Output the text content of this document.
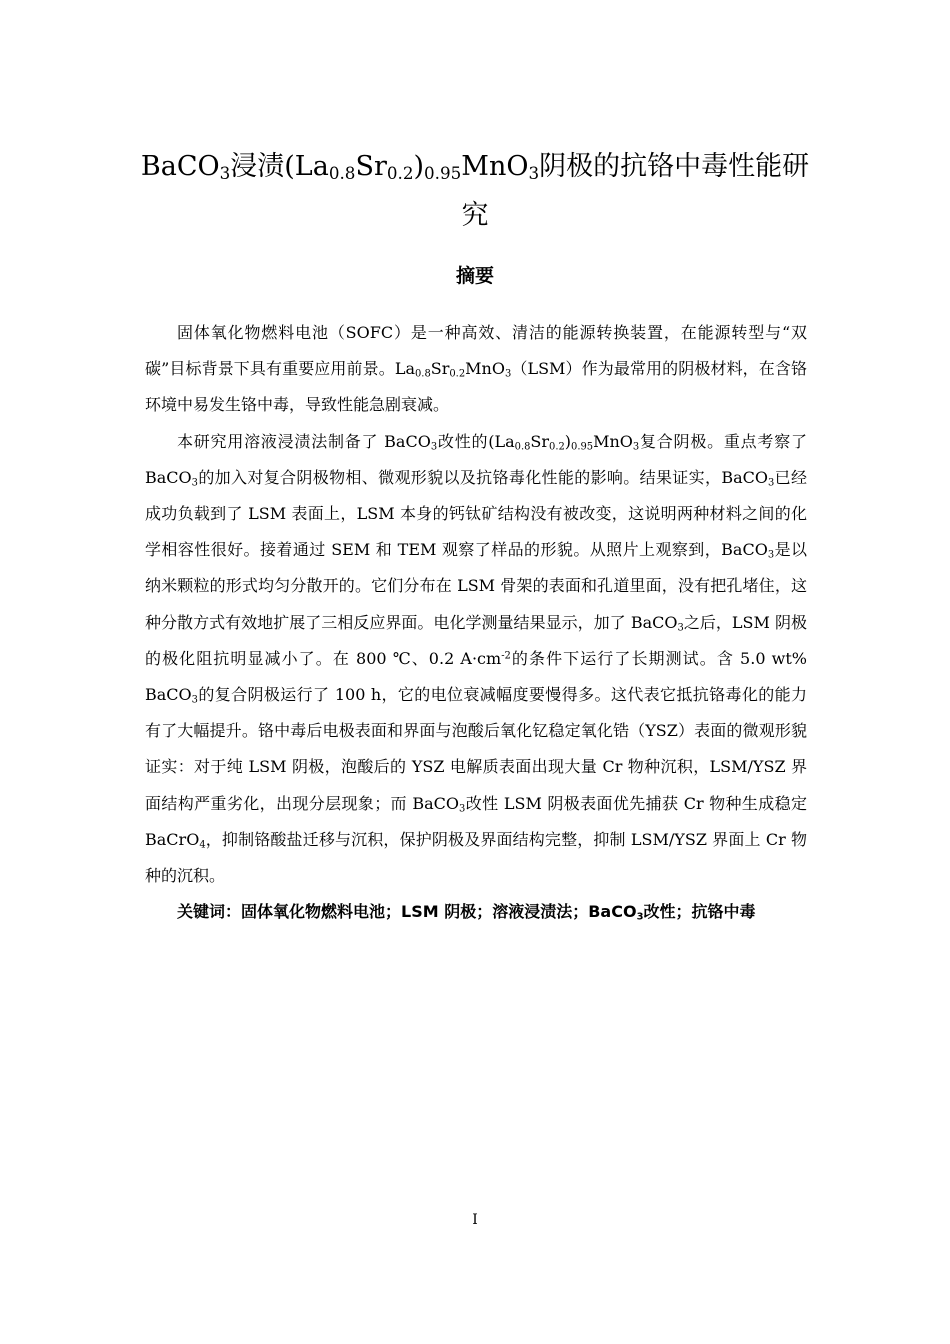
BaCO$_3$浸渍$(La_{0.8}Sr_{0.2})_{0.95}MnO_3$阴极的抗铬中毒性能研究
摘要

固体氧化物燃料电池（SOFC）是一种高效、清洁的能源转换装置，在能源转型与“双碳”目标背景下具有重要应用前景。$La_{0.8}Sr_{0.2}MnO_3(LSM)$作为最常用的阴极材料，在含铬环境中易发生铬中毒，导致性能急剧衰减。

本研究用溶液浸渍法制备了 BaCO$_3$改性的$(La_{0.8}Sr_{0.2})_{0.95}MnO_3$复合阴极。重点考察了 BaCO$_3$的加入对复合阴极物相、微观形貌以及抗铬毒化性能的影响。结果证实，BaCO$_3$已经成功负载到了 LSM 表面上，LSM 本身的钙钛矿结构没有被改变，这说明两种材料之间的化学相容性很好。接着通过 SEM 和 TEM 观察了样品的形貌。从照片上观察到，BaCO$_3$是以纳米颗粒的形式均匀分散开的。它们分布在 LSM 骨架的表面和孔道里面，没有把孔堵住，这种分散方式有效地扩展了三相反应界面。电化学测量结果显示，加了 BaCO$_3$之后，LSM 阴极的极化阻抗明显减小了。在 800 ℃、0.2 $A\cdot cm^{-2}$的条件下运行了长期测试。含 5.0 wt% BaCO$_3$的复合阴极运行了 100 h，它的电位衰减幅度要慢得多。这代表它抵抗铬毒化的能力有了大幅提升。铬中毒后电极表面和界面与泡酸后氧化钇稳定氧化锆（YSZ）表面的微观形貌证实：对于纯 LSM 阴极，泡酸后的 YSZ 电解质表面出现大量 Cr 物种沉积，LSM/YSZ 界面结构严重劣化，出现分层现象；而 BaCO$_3$改性 LSM 阴极表面优先捕获 Cr 物种生成稳定 BaCrO$_4$，抑制铬酸盐迁移与沉积，保护阴极及界面结构完整，抑制 LSM/YSZ 界面上 Cr 物种的沉积。

关键词：固体氧化物燃料电池；LSM 阴极；溶液浸渍法；BaCO$_3$改性；抗铬中毒

I
